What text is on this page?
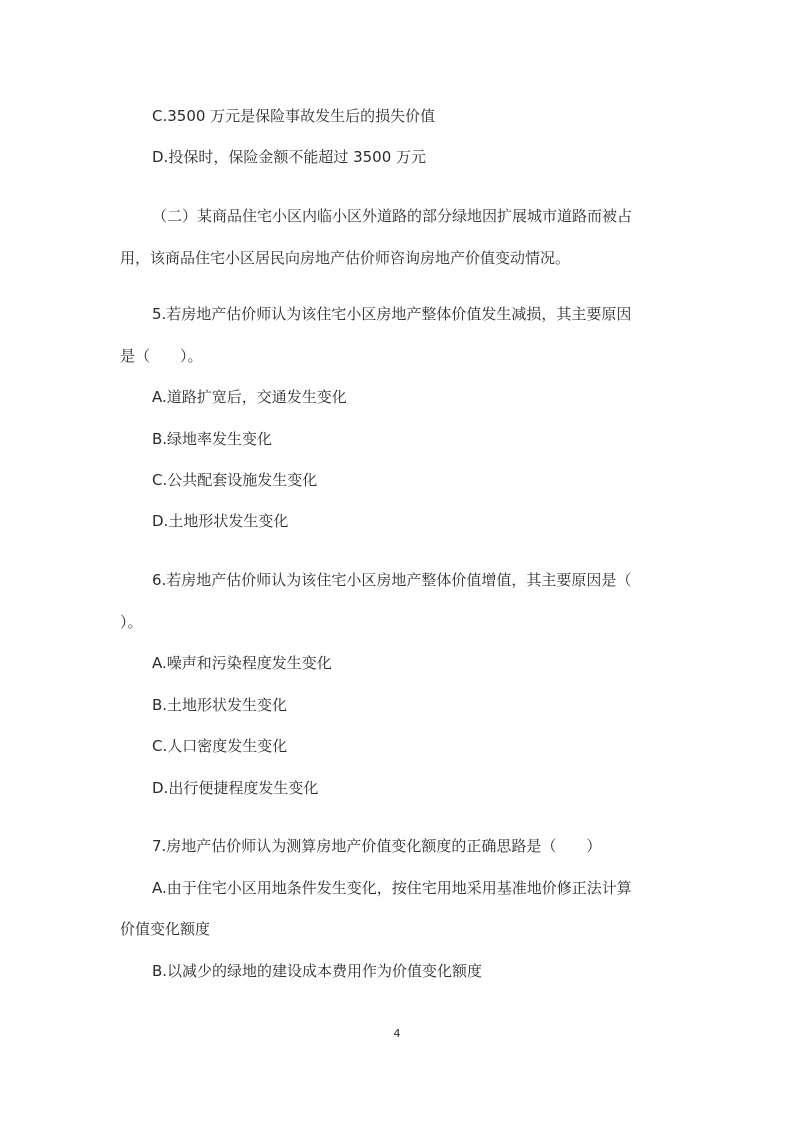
C.3500 万元是保险事故发生后的损失价值
D.投保时，保险金额不能超过 3500 万元
（二）某商品住宅小区内临小区外道路的部分绿地因扩展城市道路而被占
用，该商品住宅小区居民向房地产估价师咨询房地产价值变动情况。
5.若房地产估价师认为该住宅小区房地产整体价值发生减损，其主要原因
是（　　）。
A.道路扩宽后，交通发生变化
B.绿地率发生变化
C.公共配套设施发生变化
D.土地形状发生变化
6.若房地产估价师认为该住宅小区房地产整体价值增值，其主要原因是（
）。
A.噪声和污染程度发生变化
B.土地形状发生变化
C.人口密度发生变化
D.出行便捷程度发生变化
7.房地产估价师认为测算房地产价值变化额度的正确思路是（　　）
A.由于住宅小区用地条件发生变化，按住宅用地采用基准地价修正法计算
价值变化额度
B.以减少的绿地的建设成本费用作为价值变化额度
4
